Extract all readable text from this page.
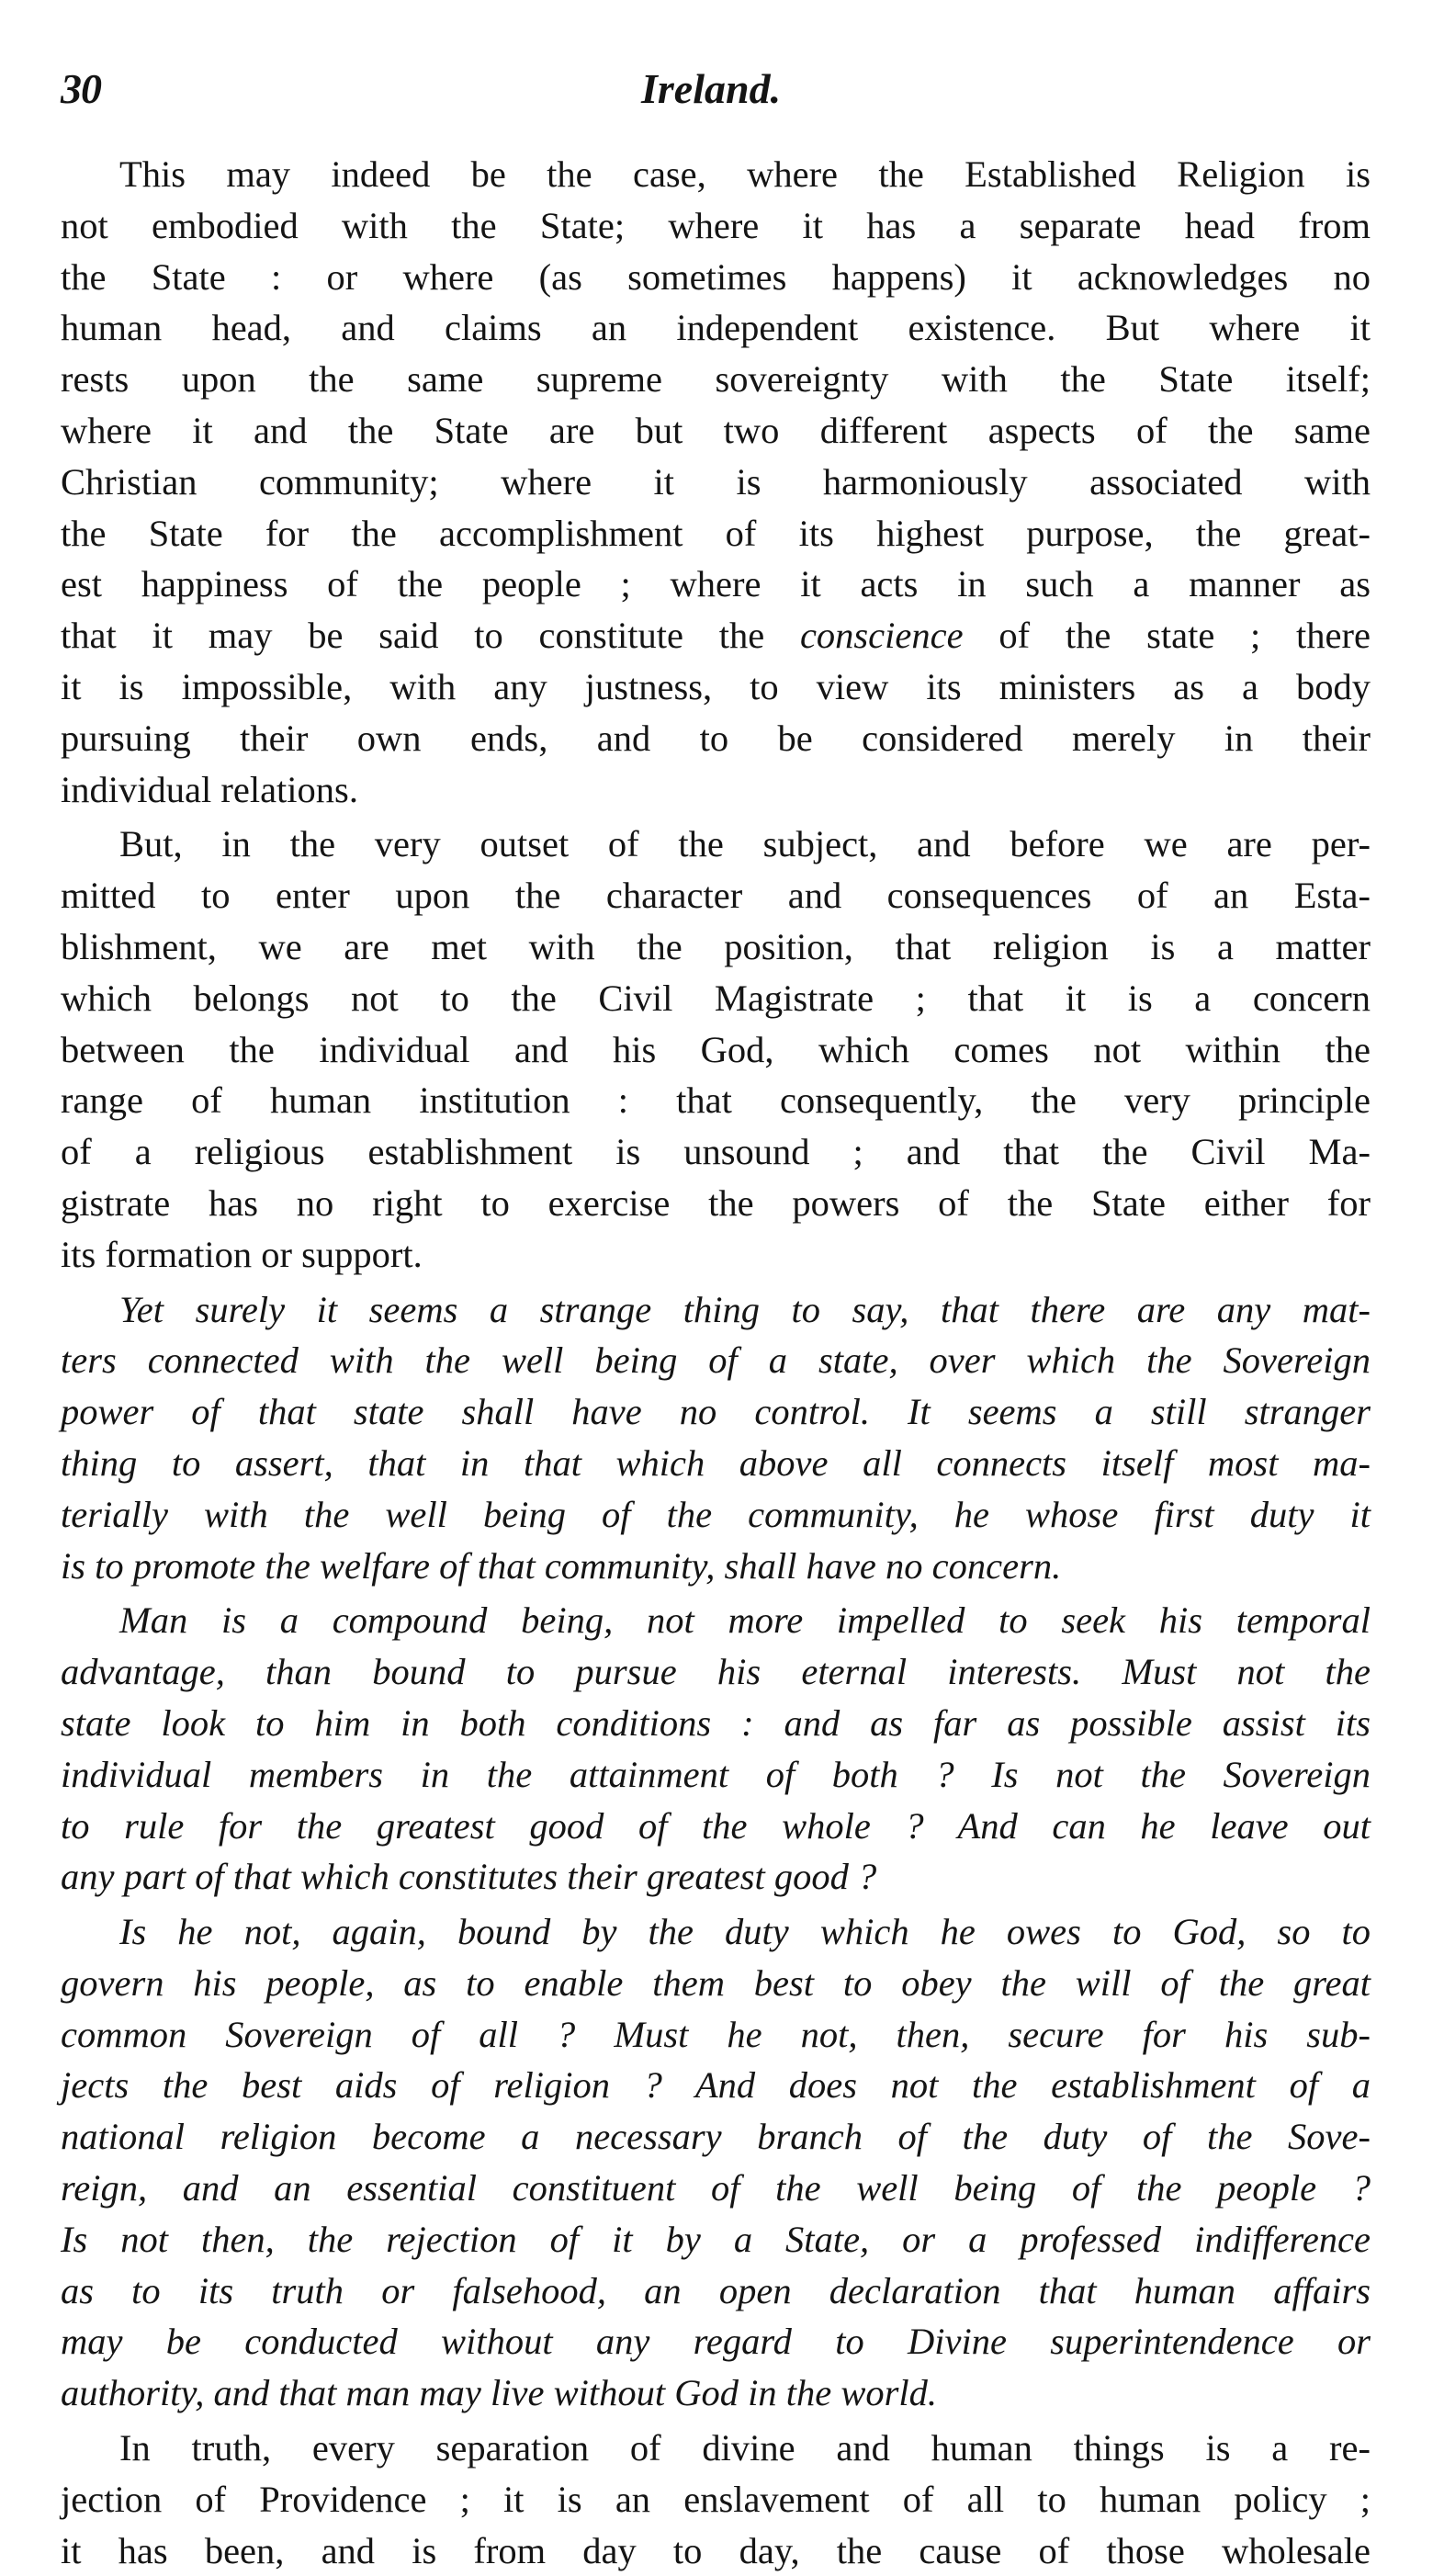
30	Ireland.

This may indeed be the case, where the Established Religion is
not embodied with the State; where it has a separate head from
the State : or where (as sometimes happens) it acknowledges no
human head, and claims an independent existence. But where it
rests upon the same supreme sovereignty with the State itself;
where it and the State are but two different aspects of the same
Christian community; where it is harmoniously associated with
the State for the accomplishment of its highest purpose, the great-
est happiness of the people ; where it acts in such a manner as
that it may be said to constitute the conscience of the state ; there
it is impossible, with any justness, to view its ministers as a body
pursuing their own ends, and to be considered merely in their
individual relations.

But, in the very outset of the subject, and before we are per-
mitted to enter upon the character and consequences of an Esta-
blishment, we are met with the position, that religion is a matter
which belongs not to the Civil Magistrate ; that it is a concern
between the individual and his God, which comes not within the
range of human institution : that consequently, the very principle
of a religious establishment is unsound ; and that the Civil Ma-
gistrate has no right to exercise the powers of the State either for
its formation or support.

Yet surely it seems a strange thing to say, that there are any mat-
ters connected with the well being of a state, over which the Sovereign
power of that state shall have no control. It seems a still stranger
thing to assert, that in that which above all connects itself most ma-
terially with the well being of the community, he whose first duty it
is to promote the welfare of that community, shall have no concern.

Man is a compound being, not more impelled to seek his temporal
advantage, than bound to pursue his eternal interests. Must not the
state look to him in both conditions : and as far as possible assist its
individual members in the attainment of both ? Is not the Sovereign
to rule for the greatest good of the whole ? And can he leave out
any part of that which constitutes their greatest good ?

Is he not, again, bound by the duty which he owes to God, so to
govern his people, as to enable them best to obey the will of the great
common Sovereign of all ? Must he not, then, secure for his sub-
jects the best aids of religion ? And does not the establishment of a
national religion become a necessary branch of the duty of the Sove-
reign, and an essential constituent of the well being of the people ?
Is not then, the rejection of it by a State, or a professed indifference
as to its truth or falsehood, an open declaration that human affairs
may be conducted without any regard to Divine superintendence or
authority, and that man may live without God in the world.

In truth, every separation of divine and human things is a re-
jection of Providence ; it is an enslavement of all to human policy ;
it has been, and is from day to day, the cause of those wholesale
